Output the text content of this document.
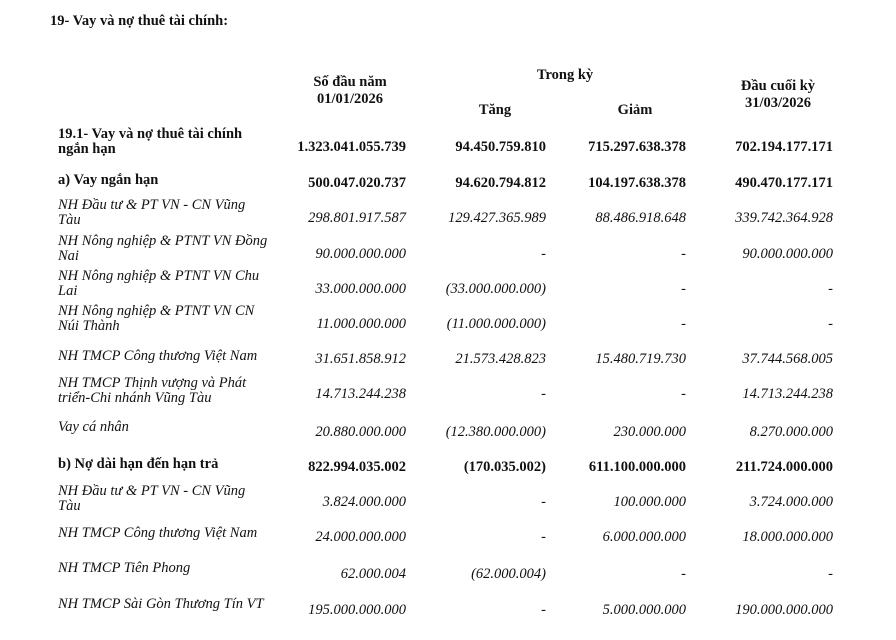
19- Vay và nợ thuê tài chính:
Số đầu năm
01/01/2026
Trong kỳ
Tăng	Giảm
Đầu cuối kỳ
31/03/2026
19.1- Vay và nợ thuê tài chính
ngắn hạn	1.323.041.055.739	94.450.759.810	715.297.638.378	702.194.177.171
a) Vay ngắn hạn	500.047.020.737	94.620.794.812	104.197.638.378	490.470.177.171
NH Đầu tư & PT VN - CN Vũng
Tàu	298.801.917.587	129.427.365.989	88.486.918.648	339.742.364.928
NH Nông nghiệp & PTNT VN Đồng
Nai	90.000.000.000	-	-	90.000.000.000
NH Nông nghiệp & PTNT VN Chu
Lai	33.000.000.000	(33.000.000.000)	-	-
NH Nông nghiệp & PTNT VN CN
Núi Thành	11.000.000.000	(11.000.000.000)	-	-
NH TMCP Công thương Việt Nam	31.651.858.912	21.573.428.823	15.480.719.730	37.744.568.005
NH TMCP Thịnh vượng và Phát
triển-Chi nhánh Vũng Tàu	14.713.244.238	-	-	14.713.244.238
Vay cá nhân	20.880.000.000	(12.380.000.000)	230.000.000	8.270.000.000
b) Nợ dài hạn đến hạn trả	822.994.035.002	(170.035.002)	611.100.000.000	211.724.000.000
NH Đầu tư & PT VN - CN Vũng
Tàu	3.824.000.000	-	100.000.000	3.724.000.000
NH TMCP Công thương Việt Nam	24.000.000.000	-	6.000.000.000	18.000.000.000
NH TMCP Tiên Phong	62.000.004	(62.000.004)	-	-
NH TMCP Sài Gòn Thương Tín VT	195.000.000.000	-	5.000.000.000	190.000.000.000
